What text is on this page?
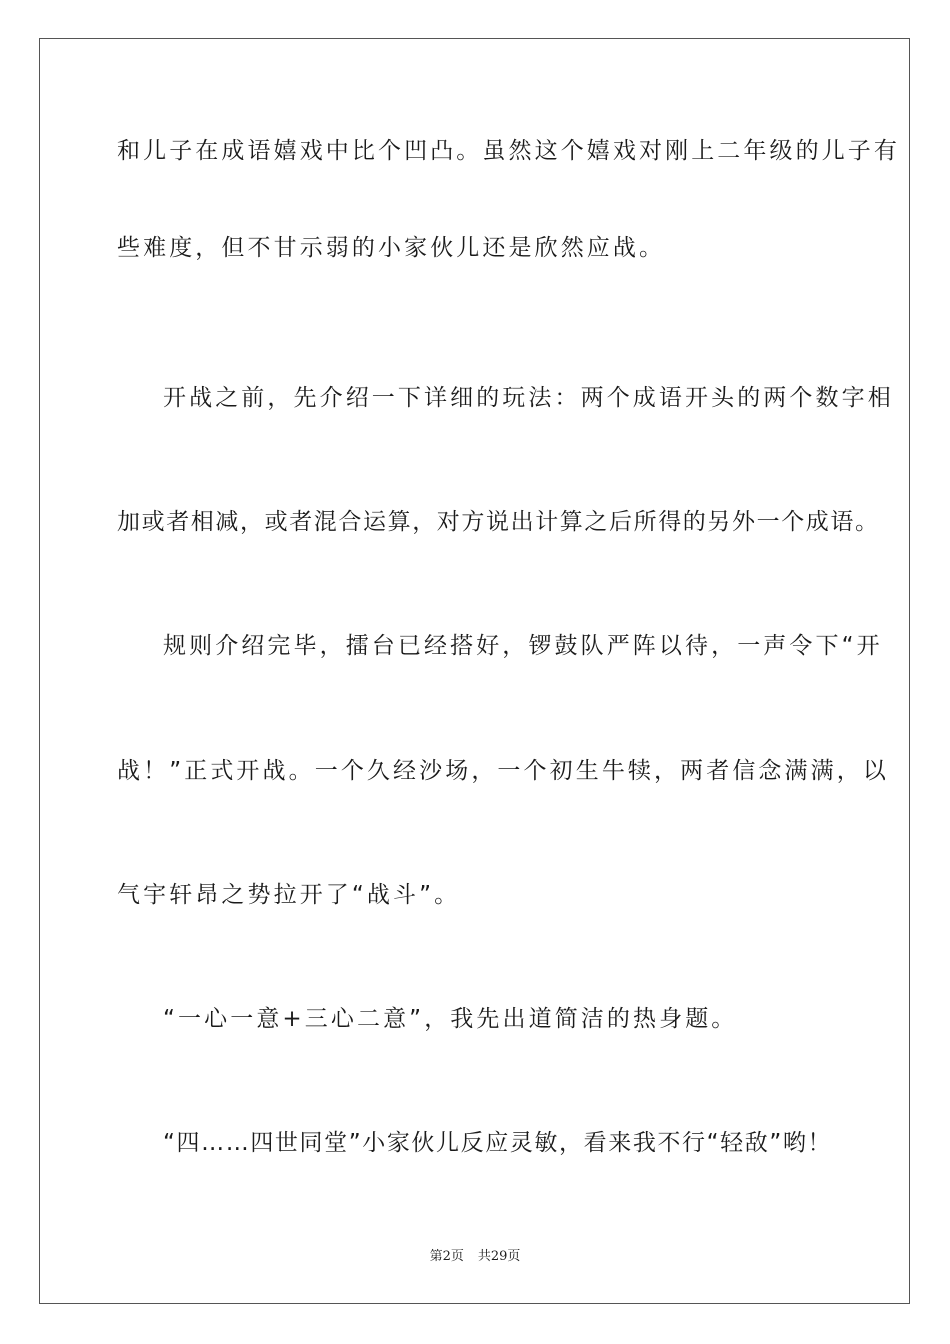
和儿子在成语嬉戏中比个凹凸。虽然这个嬉戏对刚上二年级的儿子有
些难度，但不甘示弱的小家伙儿还是欣然应战。
开战之前，先介绍一下详细的玩法：两个成语开头的两个数字相
加或者相减，或者混合运算，对方说出计算之后所得的另外一个成语。
规则介绍完毕，擂台已经搭好，锣鼓队严阵以待，一声令下“开
战！”正式开战。一个久经沙场，一个初生牛犊，两者信念满满，以
气宇轩昂之势拉开了“战斗”。
“一心一意+三心二意”，我先出道简洁的热身题。
“四……四世同堂”小家伙儿反应灵敏，看来我不行“轻敌”哟！
第2页 共29页
